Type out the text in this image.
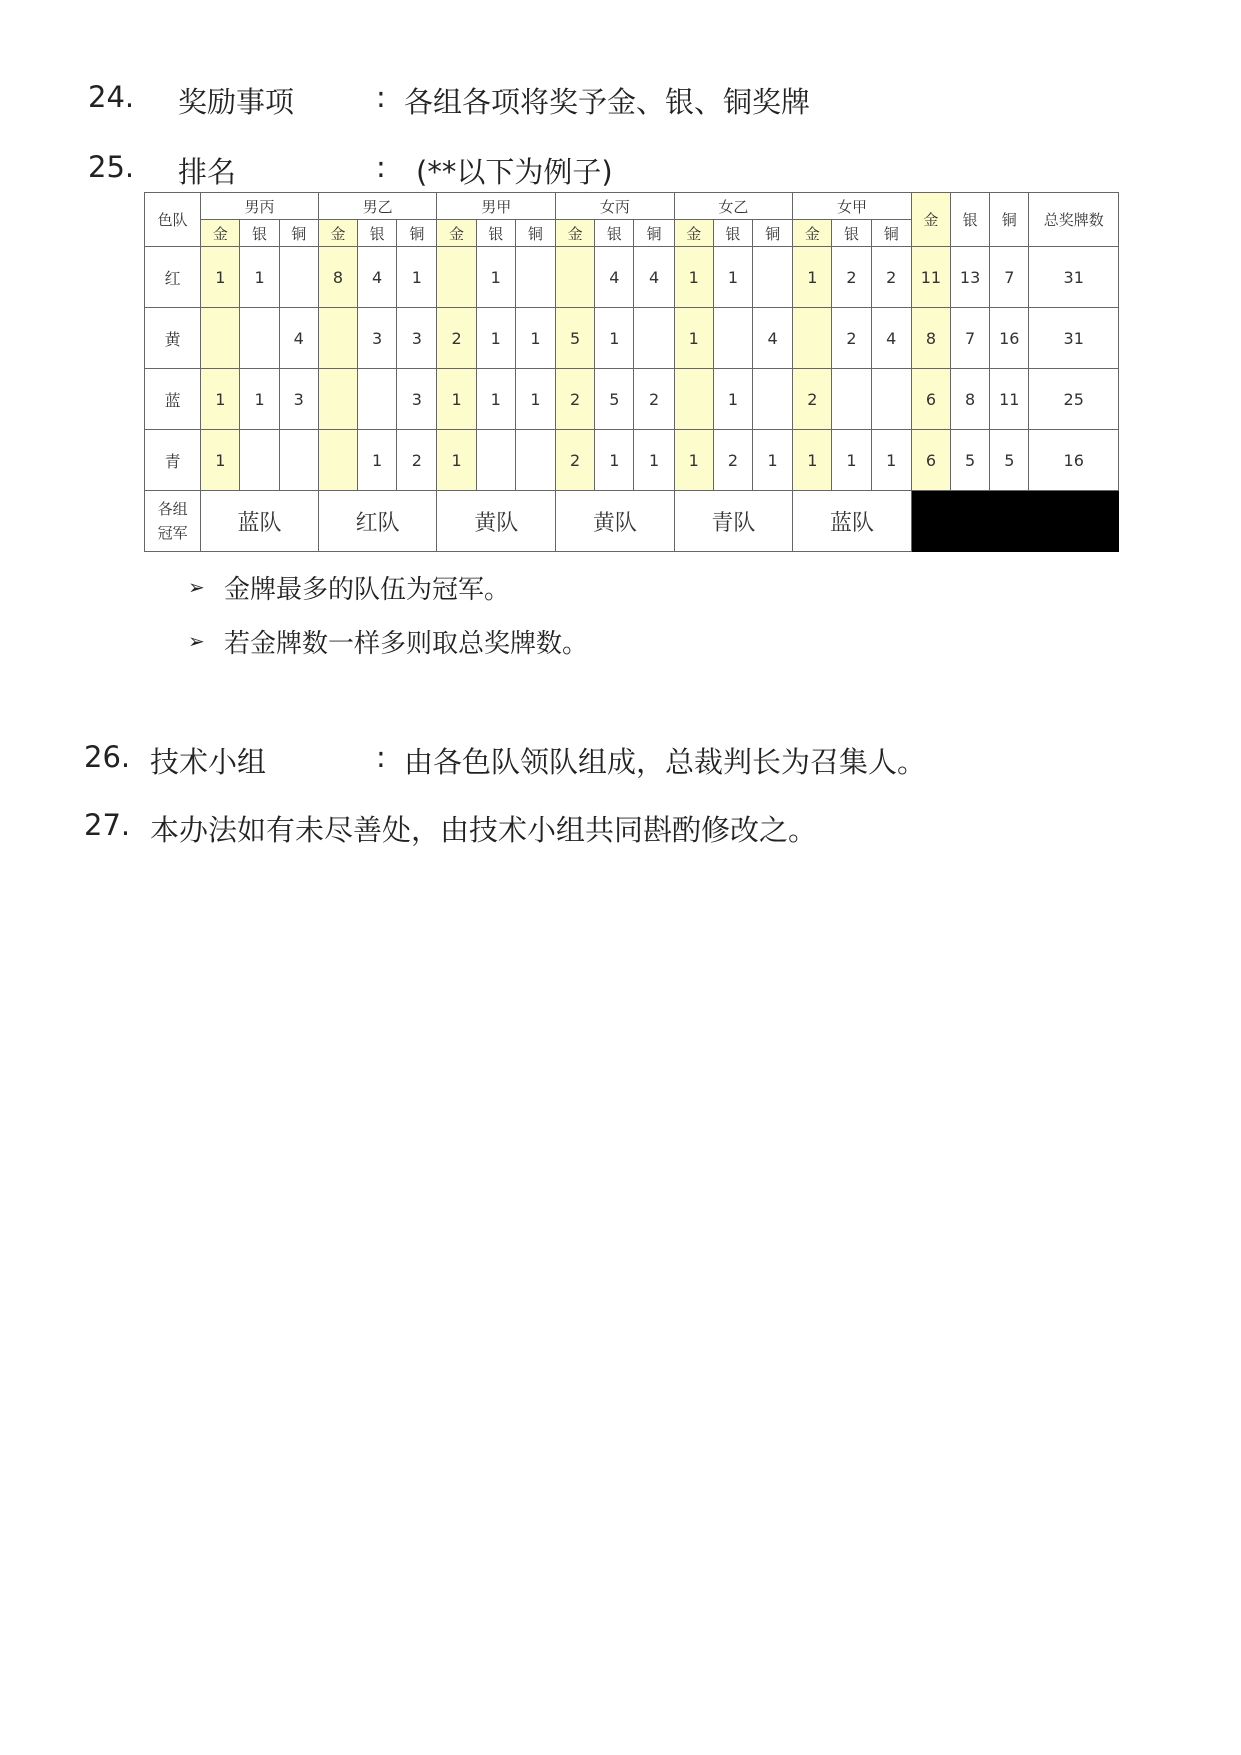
24. 奖励事项	: 各组各项将奖予金、银、铜奖牌
25. 排名	: (**以下为例子)
色队	男丙			男乙			男甲			女丙			女乙			女甲			金	银	铜	总奖牌数
	金	银	铜	金	银	铜	金	银	铜	金	银	铜	金	银	铜	金	银	铜				
红	1	1		8	4	1		1			4	4	1	1		1	2	2	11	13	7	31
黄			4		3	3	2	1	1	5	1		1		4		2	4	8	7	16	31
蓝	1	1	3			3	1	1	1	2	5	2		1		2			6	8	11	25
青	1				1	2	1			2	1	1	1	2	1	1	1	1	6	5	5	16

各组
冠军	蓝队			红队			黄队			黄队			青队			蓝队						
➢ 金牌最多的队伍为冠军。
➢ 若金牌数一样多则取总奖牌数。
26. 技术小组	: 由各色队领队组成，总裁判长为召集人。
27. 本办法如有未尽善处，由技术小组共同斟酌修改之。
